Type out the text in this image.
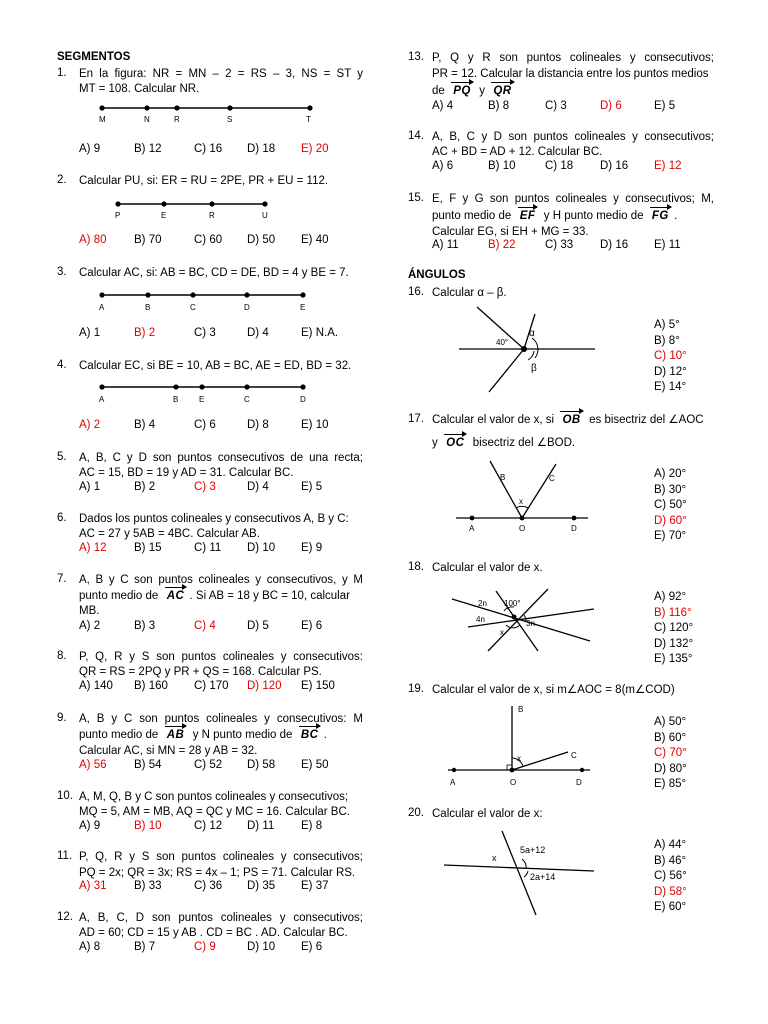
SEGMENTOS
1. En la figura: NR = MN – 2 = RS – 3, NS = ST y
MT = 108. Calcular NR.
M	N	R	S	T
A) 9	B) 12	C) 16 D) 18 E) 20
2. Calcular PU, si: ER = RU = 2PE, PR + EU = 112.
P	E	R	U
A) 80 B) 70	C) 60 D) 50 E) 40
3. Calcular AC, si: AB = BC, CD = DE, BD = 4 y BE = 7.
A	B	C	D	E
A) 1	B) 2	C) 3	D) 4	E) N.A.
4. Calcular EC, si BE = 10, AB = BC, AE = ED, BD = 32.
A	B	E	C	D
A) 2	B) 4	C) 6	D) 8	E) 10
5. A, B, C y D son puntos consecutivos de una recta;
AC = 15, BD = 19 y AD = 31. Calcular BC.
A) 1	B) 2	C) 3	D) 4	E) 5
6. Dados los puntos colineales y consecutivos A, B y C:
AC = 27 y 5AB = 4BC. Calcular AB.
A) 12 B) 15	C) 11 D) 10 E) 9
7. A, B y C son puntos colineales y consecutivos, y M
punto medio de AC . Si AB = 18 y BC = 10, calcular
MB.
A) 2	B) 3	C) 4	D) 5	E) 6
8. P, Q, R y S son puntos colineales y consecutivos:
QR = RS = 2PQ y PR + QS = 168. Calcular PS.
A) 140 B) 160 C) 170 D) 120 E) 150
9. A, B y C son puntos colineales y consecutivos: M
punto medio de AB y N punto medio de BC .
Calcular AC, si MN = 28 y AB = 32.
A) 56 B) 54	C) 52 D) 58 E) 50
10. A, M, Q, B y C son puntos colineales y consecutivos;
MQ = 5, AM = MB, AQ = QC y MC = 16. Calcular BC.
A) 9	B) 10	C) 12 D) 11 E) 8
11. P, Q, R y S son puntos colineales y consecutivos;
PQ = 2x; QR = 3x; RS = 4x – 1; PS = 71. Calcular RS.
A) 31 B) 33	C) 36 D) 35 E) 37
12. A, B, C, D son puntos colineales y consecutivos;
AD = 60; CD = 15 y AB . CD = BC . AD. Calcular BC.
A) 8	B) 7	C) 9	D) 10 E) 6
13. P, Q y R son puntos colineales y consecutivos;
PR = 12. Calcular la distancia entre los puntos medios
de PQ y QR
A) 4	B) 8	C) 3	D) 6	E) 5
14. A, B, C y D son puntos colineales y consecutivos;
AC + BD = AD + 12. Calcular BC.
A) 6	B) 10	C) 18 D) 16 E) 12
15. E, F y G son puntos colineales y consecutivos; M,
punto medio de EF y H punto medio de FG .
Calcular EG, si EH + MG = 33.
A) 11	B) 22	C) 33 D) 16 E) 11
ÁNGULOS
16. Calcular α – β.
40°
α
β
A) 5°
B) 8°
C) 10°
D) 12°
E) 14°
17. Calcular el valor de x, si OB es bisectriz del ∠AOC
y OC bisectriz del ∠BOD.
B	C
x
A	O	D
A) 20°
B) 30°
C) 50°
D) 60°
E) 70°
18. Calcular el valor de x.
2n 100°
4n	3n
x
A) 92°
B) 116°
C) 120°
D) 132°
E) 135°
19. Calcular el valor de x, si m∠AOC = 8(m∠COD)
B
C
x
A	O	D
A) 50°
B) 60°
C) 70°
D) 80°
E) 85°
20. Calcular el valor de x:
5a+12
x
2a+14
A) 44°
B) 46°
C) 56°
D) 58°
E) 60°
